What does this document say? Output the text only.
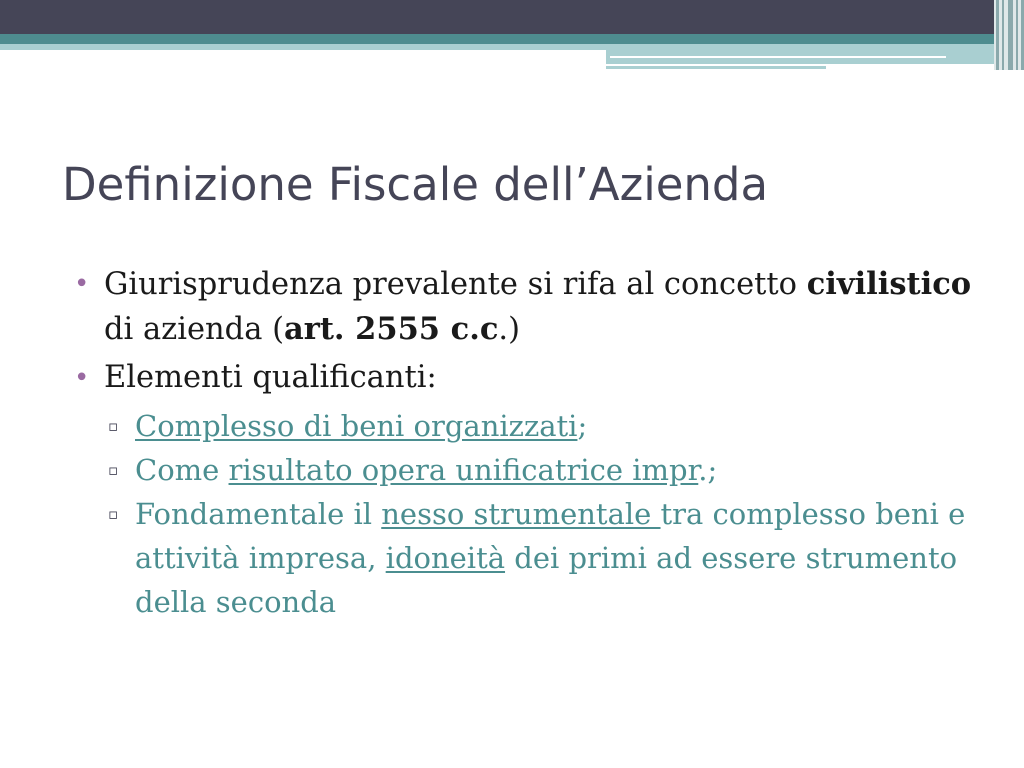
Definizione Fiscale dell’Azienda
• Giurisprudenza prevalente si rifa al concetto civilistico di azienda (art. 2555 c.c.)
• Elementi qualificanti:
▫ Complesso di beni organizzati;
▫ Come risultato opera unificatrice impr.;
▫ Fondamentale il nesso strumentale tra complesso beni e attività impresa, idoneità dei primi ad essere strumento della seconda
